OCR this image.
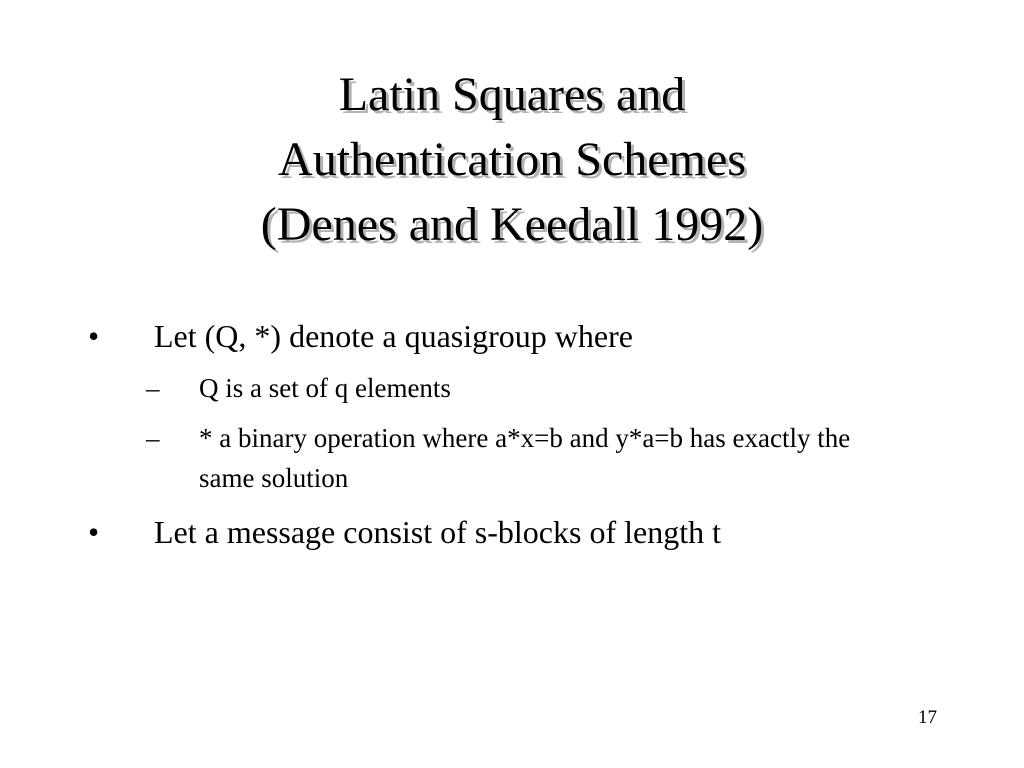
Latin Squares and
Authentication Schemes
(Denes and Keedall 1992)
• Let (Q, *) denote a quasigroup where
– Q is a set of q elements
– * a binary operation where a*x=b and y*a=b has exactly the same solution
• Let a message consist of s-blocks of length t
17
